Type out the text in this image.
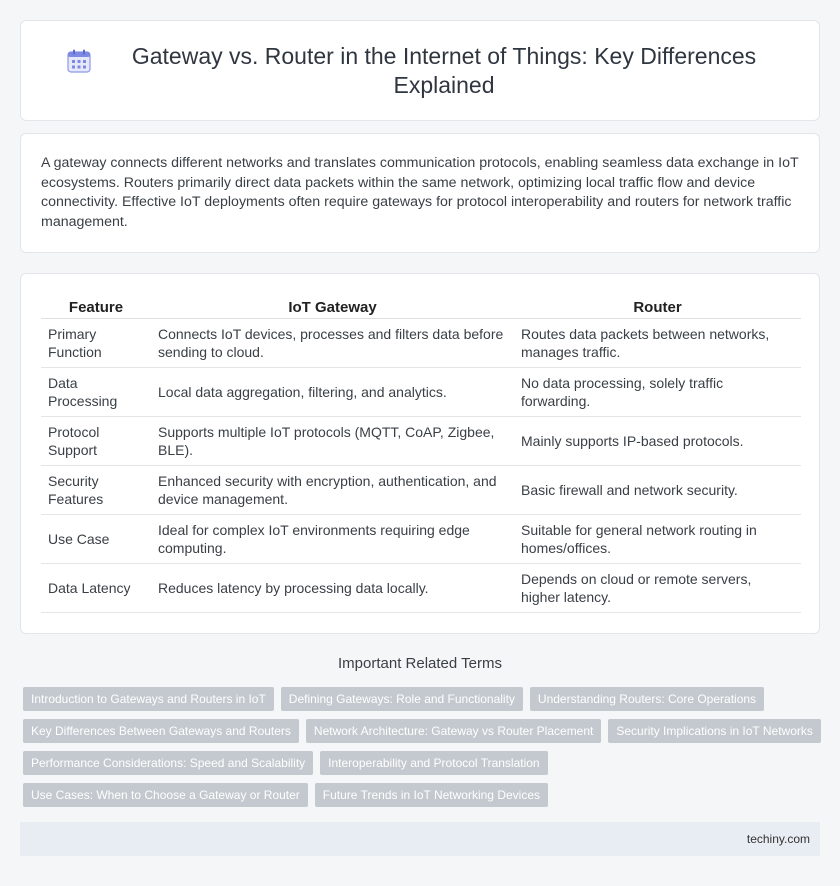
Gateway vs. Router in the Internet of Things: Key Differences Explained

A gateway connects different networks and translates communication protocols, enabling seamless data exchange in IoT ecosystems. Routers primarily direct data packets within the same network, optimizing local traffic flow and device connectivity. Effective IoT deployments often require gateways for protocol interoperability and routers for network traffic management.

Feature	IoT Gateway	Router
Primary Function	Connects IoT devices, processes and filters data before sending to cloud.	Routes data packets between networks, manages traffic.
Data Processing	Local data aggregation, filtering, and analytics.	No data processing, solely traffic forwarding.
Protocol Support	Supports multiple IoT protocols (MQTT, CoAP, Zigbee, BLE).	Mainly supports IP-based protocols.
Security Features	Enhanced security with encryption, authentication, and device management.	Basic firewall and network security.
Use Case	Ideal for complex IoT environments requiring edge computing.	Suitable for general network routing in homes/offices.
Data Latency	Reduces latency by processing data locally.	Depends on cloud or remote servers, higher latency.
Important Related Terms
Introduction to Gateways and Routers in IoT	Defining Gateways: Role and Functionality	Understanding Routers: Core Operations
Key Differences Between Gateways and Routers	Network Architecture: Gateway vs Router Placement	Security Implications in IoT Networks
Performance Considerations: Speed and Scalability	Interoperability and Protocol Translation
Use Cases: When to Choose a Gateway or Router	Future Trends in IoT Networking Devices
techiny.com
